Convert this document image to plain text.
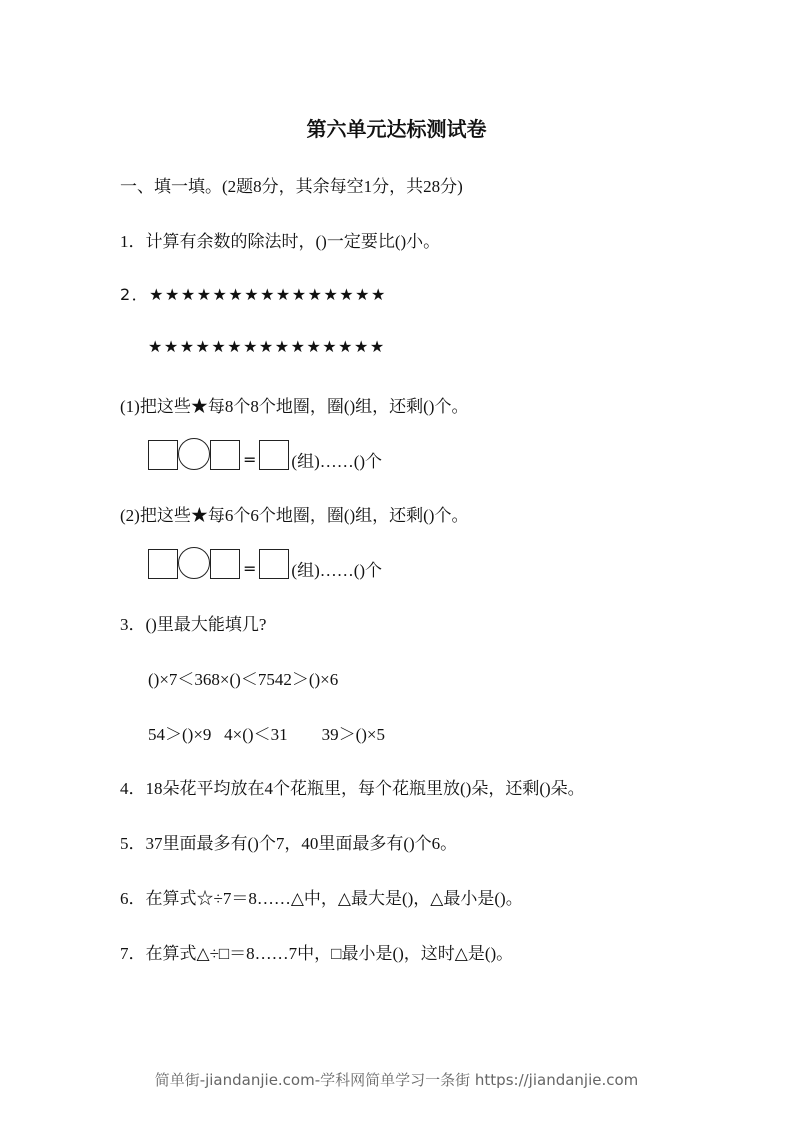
第六单元达标测试卷
一、填一填。(2题8分，其余每空1分，共28分)
1．计算有余数的除法时，()一定要比()小。
2．★★★★★★★★★★★★★★★
★★★★★★★★★★★★★★★
(1)把这些★每8个8个地圈，圈()组，还剩()个。
= (组)……()个
(2)把这些★每6个6个地圈，圈()组，还剩()个。
= (组)……()个
3．()里最大能填几?
()×7＜368×()＜7542＞()×6
54＞()×9   4×()＜31        39＞()×5
4．18朵花平均放在4个花瓶里，每个花瓶里放()朵，还剩()朵。
5．37里面最多有()个7，40里面最多有()个6。
6．在算式☆÷7＝8……△中，△最大是()，△最小是()。
7．在算式△÷□＝8……7中，□最小是()，这时△是()。
简单街-jiandanjie.com-学科网简单学习一条街 https://jiandanjie.com
